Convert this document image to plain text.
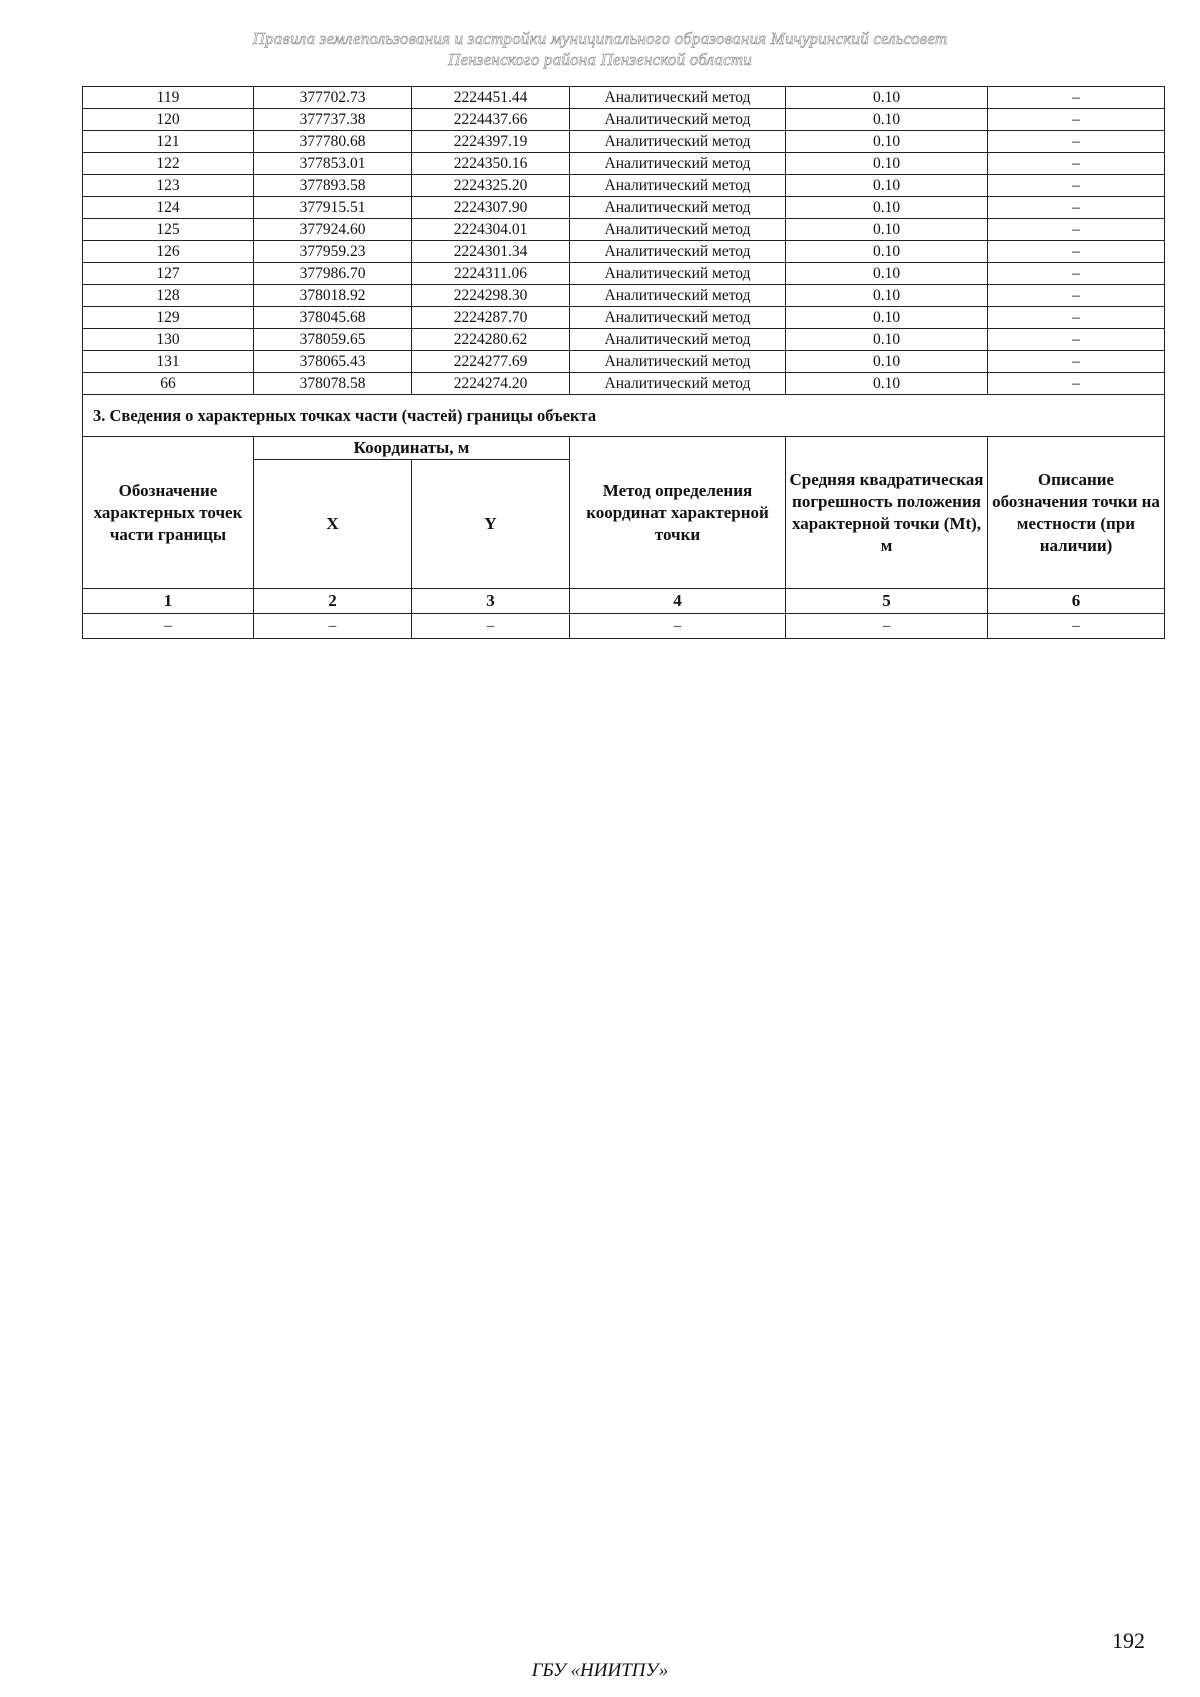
Правила землепользования и застройки муниципального образования Мичуринский сельсовет
Пензенского района Пензенской области
119	377702.73	2224451.44	Аналитический метод	0.10	–
120	377737.38	2224437.66	Аналитический метод	0.10	–
121	377780.68	2224397.19	Аналитический метод	0.10	–
122	377853.01	2224350.16	Аналитический метод	0.10	–
123	377893.58	2224325.20	Аналитический метод	0.10	–
124	377915.51	2224307.90	Аналитический метод	0.10	–
125	377924.60	2224304.01	Аналитический метод	0.10	–
126	377959.23	2224301.34	Аналитический метод	0.10	–
127	377986.70	2224311.06	Аналитический метод	0.10	–
128	378018.92	2224298.30	Аналитический метод	0.10	–
129	378045.68	2224287.70	Аналитический метод	0.10	–
130	378059.65	2224280.62	Аналитический метод	0.10	–
131	378065.43	2224277.69	Аналитический метод	0.10	–
66	378078.58	2224274.20	Аналитический метод	0.10	–
3. Сведения о характерных точках части (частей) границы объекта					
Обозначение характерных точек части границы	Координаты, м		Метод определения координат характерной точки	Средняя квадратическая погрешность положения характерной точки (Mt), м	Описание обозначения точки на местности (при наличии)
	X	Y			
1	2	3	4	5	6
–	–	–	–	–	–
192
ГБУ «НИИТПУ»
